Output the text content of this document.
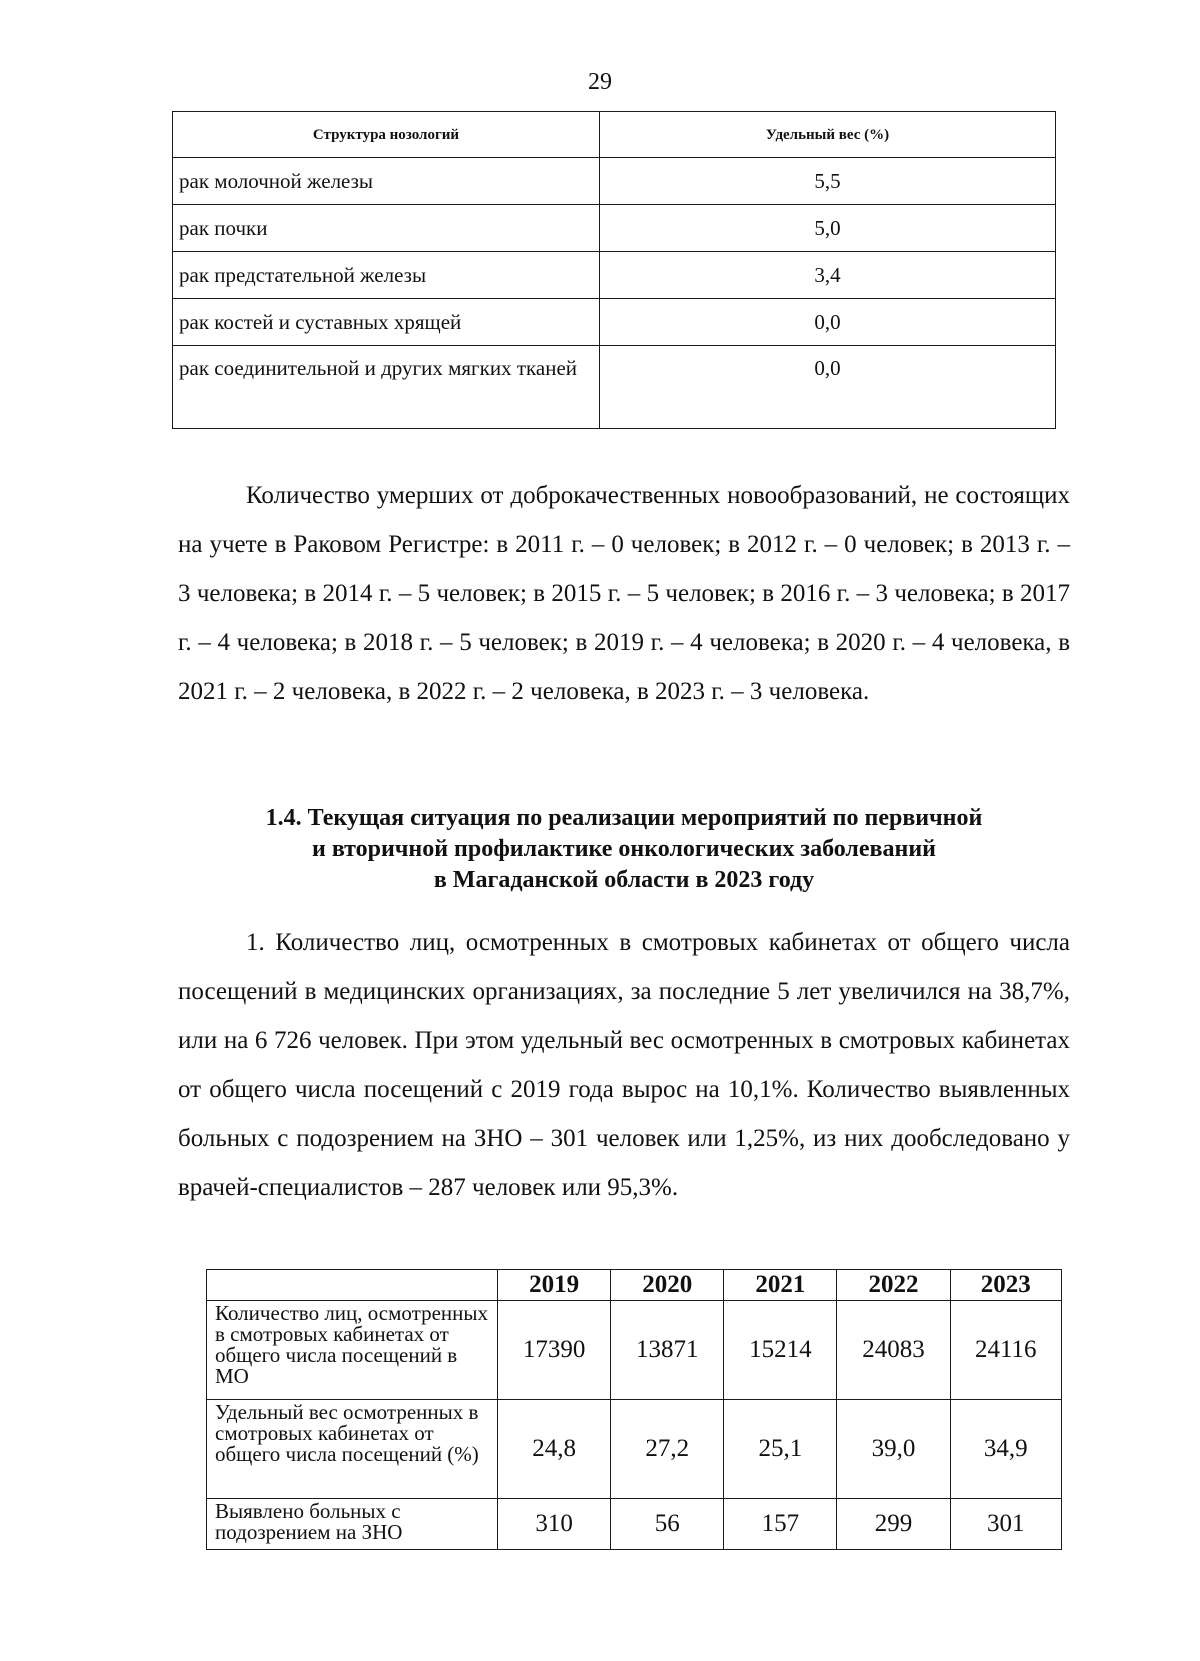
29
Структура нозологий	Удельный вес (%)
рак молочной железы	5,5
рак почки	5,0
рак предстательной железы	3,4
рак костей и суставных хрящей	0,0
рак соединительной и других мягких тканей	0,0

Количество умерших от доброкачественных новообразований, не состоящих на учете в Раковом Регистре: в 2011 г. – 0 человек; в 2012 г. – 0 человек; в 2013 г. – 3 человека; в 2014 г. – 5 человек; в 2015 г. – 5 человек; в 2016 г. – 3 человека; в 2017 г. – 4 человека; в 2018 г. – 5 человек; в 2019 г. – 4 человека; в 2020 г. – 4 человека, в 2021 г. – 2 человека, в 2022 г. – 2 человека, в 2023 г. – 3 человека.

1.4. Текущая ситуация по реализации мероприятий по первичной
и вторичной профилактике онкологических заболеваний
в Магаданской области в 2023 году

1. Количество лиц, осмотренных в смотровых кабинетах от общего числа посещений в медицинских организациях, за последние 5 лет увеличился на 38,7%, или на 6 726 человек. При этом удельный вес осмотренных в смотровых кабинетах от общего числа посещений с 2019 года вырос на 10,1%. Количество выявленных больных с подозрением на ЗНО – 301 человек или 1,25%, из них дообследовано у врачей-специалистов – 287 человек или 95,3%.

	2019	2020	2021	2022	2023
Количество лиц, осмотренных в смотровых кабинетах от общего числа посещений в МО	17390	13871	15214	24083	24116
Удельный вес осмотренных в смотровых кабинетах от общего числа посещений (%)	24,8	27,2	25,1	39,0	34,9
Выявлено больных с подозрением на ЗНО	310	56	157	299	301
